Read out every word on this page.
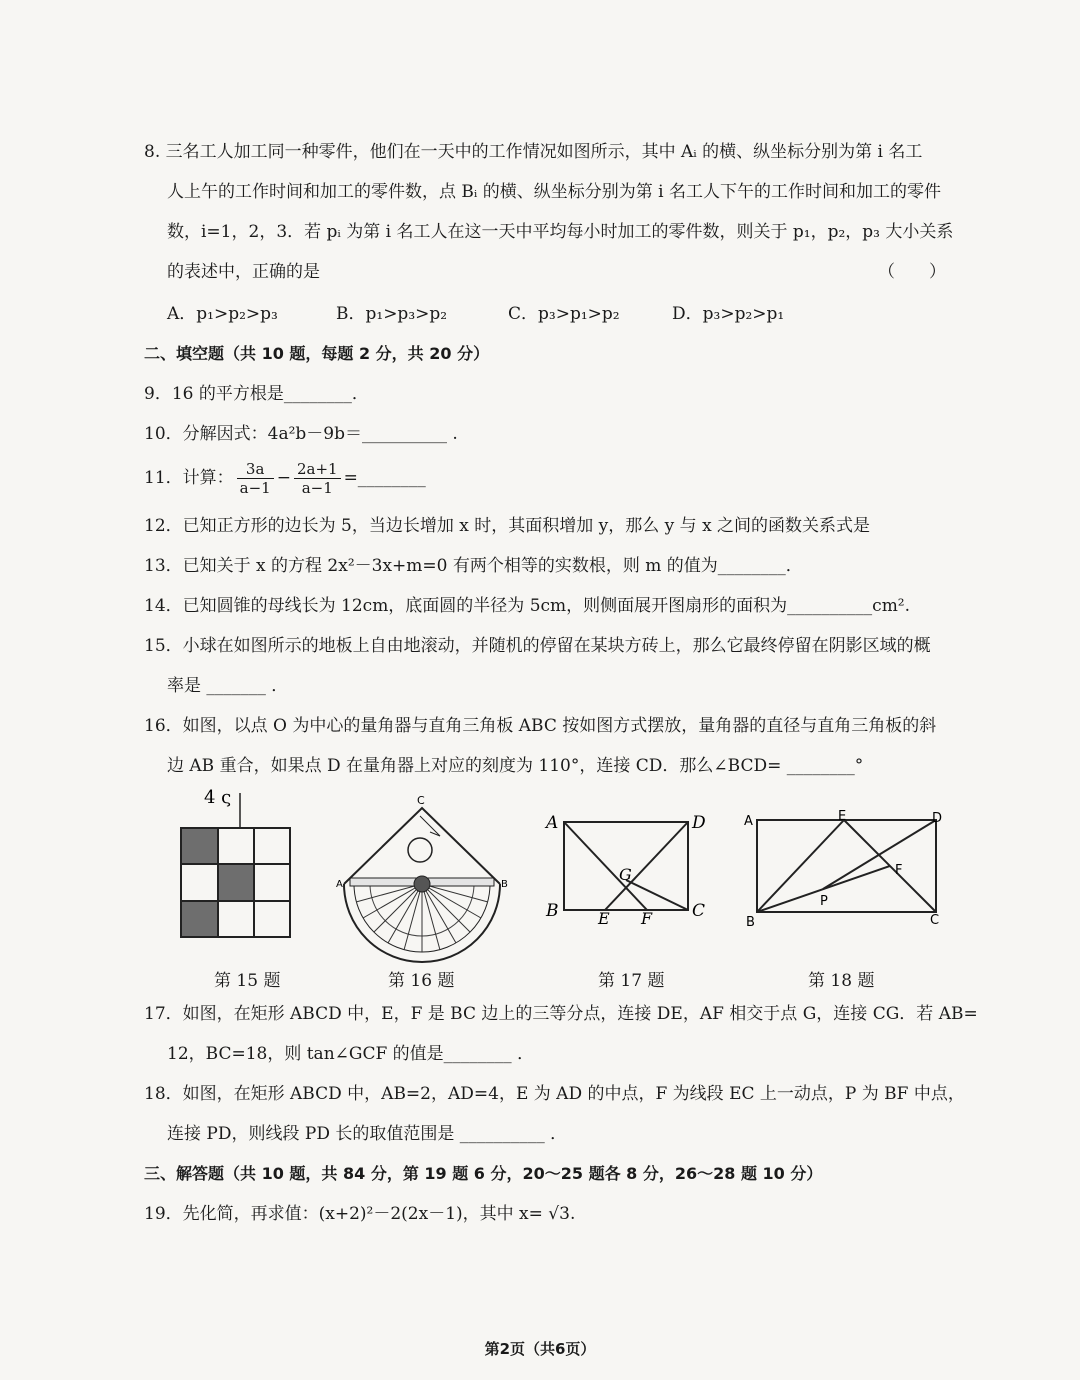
8. 三名工人加工同一种零件，他们在一天中的工作情况如图所示，其中 Aᵢ 的横、纵坐标分别为第 i 名工
人上午的工作时间和加工的零件数，点 Bᵢ 的横、纵坐标分别为第 i 名工人下午的工作时间和加工的零件
数，i=1，2，3．若 pᵢ 为第 i 名工人在这一天中平均每小时加工的零件数，则关于 p₁，p₂，p₃ 大小关系
的表述中，正确的是	（　　）
A．p₁>p₂>p₃	B．p₁>p₃>p₂	C．p₃>p₁>p₂	D．p₃>p₂>p₁
二、填空题（共 10 题，每题 2 分，共 20 分）
9．16 的平方根是________．
10．分解因式：4a²b－9b＝__________ .
11．计算： $\frac{3a}{a-1} - \frac{2a+1}{a-1}$ =________
12．已知正方形的边长为 5，当边长增加 x 时，其面积增加 y，那么 y 与 x 之间的函数关系式是
13．已知关于 x 的方程 2x²－3x+m=0 有两个相等的实数根，则 m 的值为________．
14．已知圆锥的母线长为 12cm，底面圆的半径为 5cm，则侧面展开图扇形的面积为__________cm².
15．小球在如图所示的地板上自由地滚动，并随机的停留在某块方砖上，那么它最终停留在阴影区域的概
率是 _______ ．
16．如图，以点 O 为中心的量角器与直角三角板 ABC 按如图方式摆放，量角器的直径与直角三角板的斜
边 AB 重合，如果点 D 在量角器上对应的刻度为 110°，连接 CD．那么∠BCD= ________°
4 ς	C
A	B
A	D
G
B E F C
A	E	D
F
P
B	C
第 15 题	第 16 题	第 17 题	第 18 题
17．如图，在矩形 ABCD 中，E，F 是 BC 边上的三等分点，连接 DE，AF 相交于点 G，连接 CG．若 AB=
12，BC=18，则 tan∠GCF 的值是________ ．
18．如图，在矩形 ABCD 中，AB=2，AD=4，E 为 AD 的中点，F 为线段 EC 上一动点，P 为 BF 中点，
连接 PD，则线段 PD 长的取值范围是 __________ ．
三、解答题（共 10 题，共 84 分，第 19 题 6 分，20～25 题各 8 分，26～28 题 10 分）
19．先化简，再求值：(x+2)²－2(2x－1)，其中 x= √3.
第2页（共6页）
